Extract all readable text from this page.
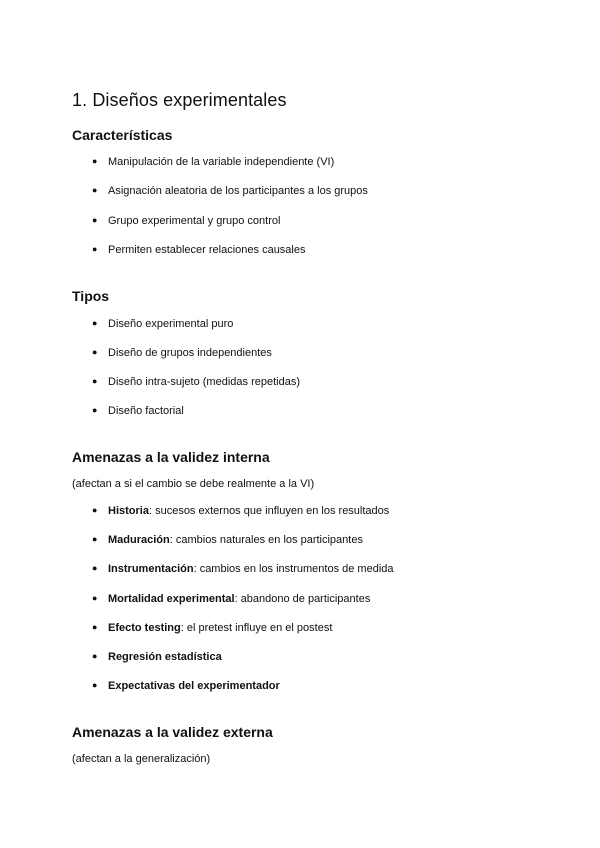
1. Diseños experimentales
Características
● Manipulación de la variable independiente (VI)
● Asignación aleatoria de los participantes a los grupos
● Grupo experimental y grupo control
● Permiten establecer relaciones causales
Tipos
● Diseño experimental puro
● Diseño de grupos independientes
● Diseño intra-sujeto (medidas repetidas)
● Diseño factorial
Amenazas a la validez interna
(afectan a si el cambio se debe realmente a la VI)
● Historia: sucesos externos que influyen en los resultados
● Maduración: cambios naturales en los participantes
● Instrumentación: cambios en los instrumentos de medida
● Mortalidad experimental: abandono de participantes
● Efecto testing: el pretest influye en el postest
● Regresión estadística
● Expectativas del experimentador
Amenazas a la validez externa
(afectan a la generalización)
